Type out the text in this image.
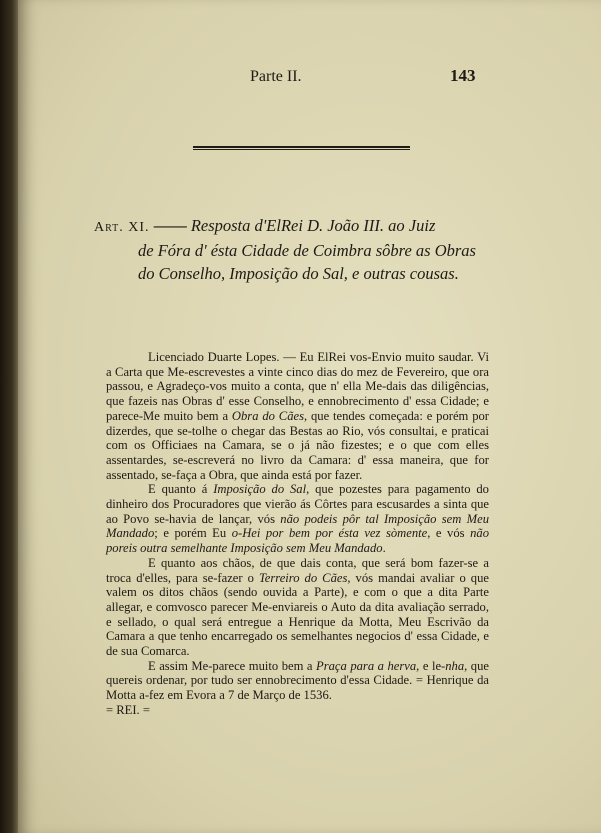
Parte II.	143
Art. XI. —— Resposta d'ElRei D. João III. ao Juiz
de Fóra d' ésta Cidade de Coimbra sôbre as Obras
do Conselho, Imposição do Sal, e outras cousas.

Licenciado Duarte Lopes. — Eu ElRei vos-Envio muito saudar. Vi a Carta que Me-escrevestes a vinte cinco dias do mez de Fevereiro, que ora passou, e Agradeço-vos muito a conta, que n' ella Me-dais das diligências, que fazeis nas Obras d' esse Conselho, e ennobrecimento d' essa Cidade; e parece-Me muito bem a Obra do Cães, que tendes começada: e porém por dizerdes, que se-tolhe o chegar das Bestas ao Rio, vós consultai, e praticai com os Officiaes na Camara, se o já não fizestes; e o que com elles assentardes, se-escreverá no livro da Camara: d' essa maneira, que for assentado, se-faça a Obra, que ainda está por fazer.

E quanto á Imposição do Sal, que pozestes para pagamento do dinheiro dos Procuradores que vierão ás Côrtes para escusardes a sinta que ao Povo se-havia de lançar, vós não podeis pôr tal Imposição sem Meu Mandado; e porém Eu o-Hei por bem por ésta vez sòmente, e vós não poreis outra semelhante Imposição sem Meu Mandado.

E quanto aos chãos, de que dais conta, que será bom fazer-se a troca d'elles, para se-fazer o Terreiro do Cães, vós mandai avaliar o que valem os ditos chãos (sendo ouvida a Parte), e com o que a dita Parte allegar, e comvosco parecer Me-enviareis o Auto da dita avaliação serrado, e sellado, o qual será entregue a Henrique da Motta, Meu Escrivão da Camara a que tenho encarregado os semelhantes negocios d' essa Cidade, e de sua Comarca.

E assim Me-parece muito bem a Praça para a herva, e le-nha, que quereis ordenar, por tudo ser ennobrecimento d'essa Cidade. = Henrique da Motta a-fez em Evora a 7 de Março de 1536.

= REI. =
